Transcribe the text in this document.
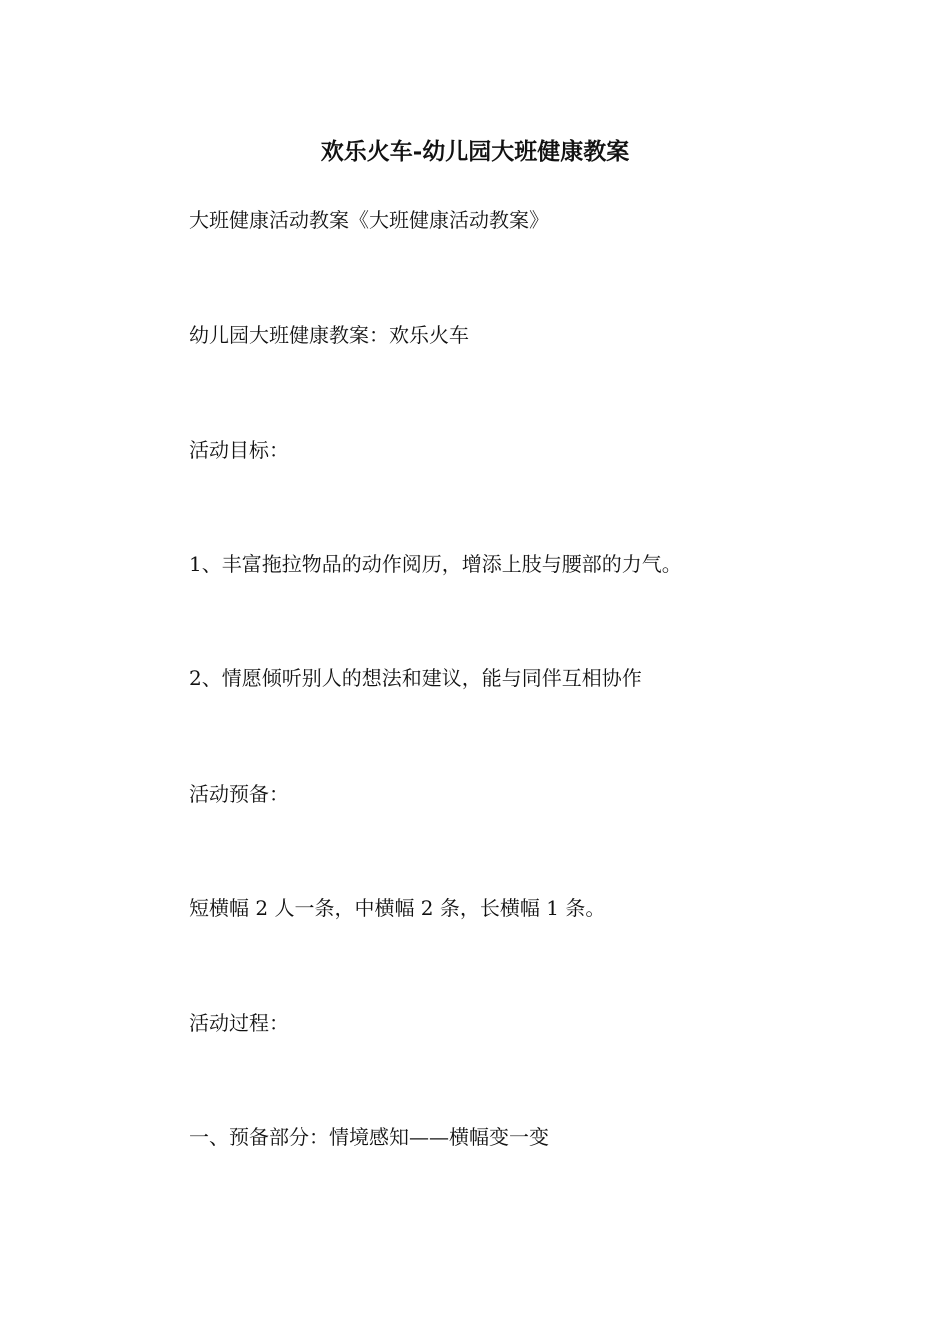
欢乐火车-幼儿园大班健康教案
大班健康活动教案《大班健康活动教案》
幼儿园大班健康教案：欢乐火车
活动目标：
1、丰富拖拉物品的动作阅历，增添上肢与腰部的力气。
2、情愿倾听别人的想法和建议，能与同伴互相协作
活动预备：
短横幅 2 人一条，中横幅 2 条，长横幅 1 条。
活动过程：
一、预备部分：情境感知——横幅变一变
